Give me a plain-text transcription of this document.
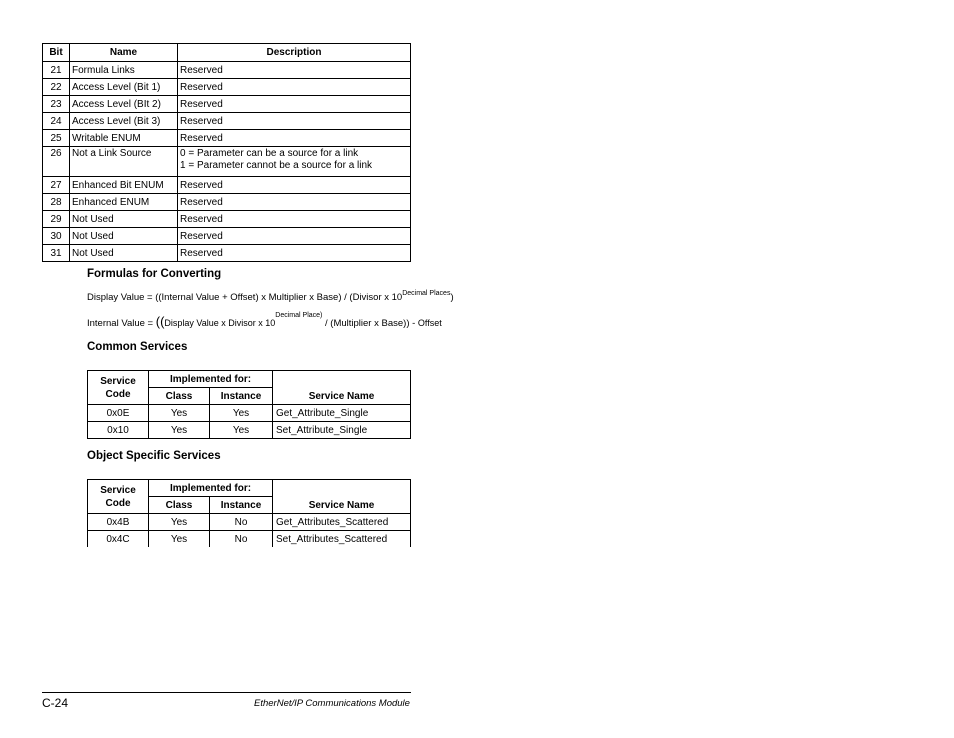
Bit	Name	Description
21	Formula Links	Reserved
22	Access Level (Bit 1)	Reserved
23	Access Level (BIt 2)	Reserved
24	Access Level (Bit 3)	Reserved
25	Writable ENUM	Reserved
26	Not a Link Source	0 = Parameter can be a source for a link
1 = Parameter cannot be a source for a link

27	Enhanced Bit ENUM	Reserved
28	Enhanced ENUM	Reserved
29	Not Used	Reserved
30	Not Used	Reserved
31	Not Used	Reserved
Formulas for Converting
Display Value = ((Internal Value + Offset) x Multiplier x Base) / (Divisor x $10^{Decimal Places}$)
Internal Value = ((Display Value x Divisor x $10^{Decimal Place)}$ / (Multiplier x Base)) - Offset
Common Services
Service
Code	Implemented for:		Service Name
	Class	Instance	
0x0E	Yes	Yes	Get_Attribute_Single
0x10	Yes	Yes	Set_Attribute_Single
Object Specific Services
Service
Code	Implemented for:		Service Name
	Class	Instance	
0x4B	Yes	No	Get_Attributes_Scattered
0x4C	Yes	No	Set_Attributes_Scattered
C-24	EtherNet/IP Communications Module
